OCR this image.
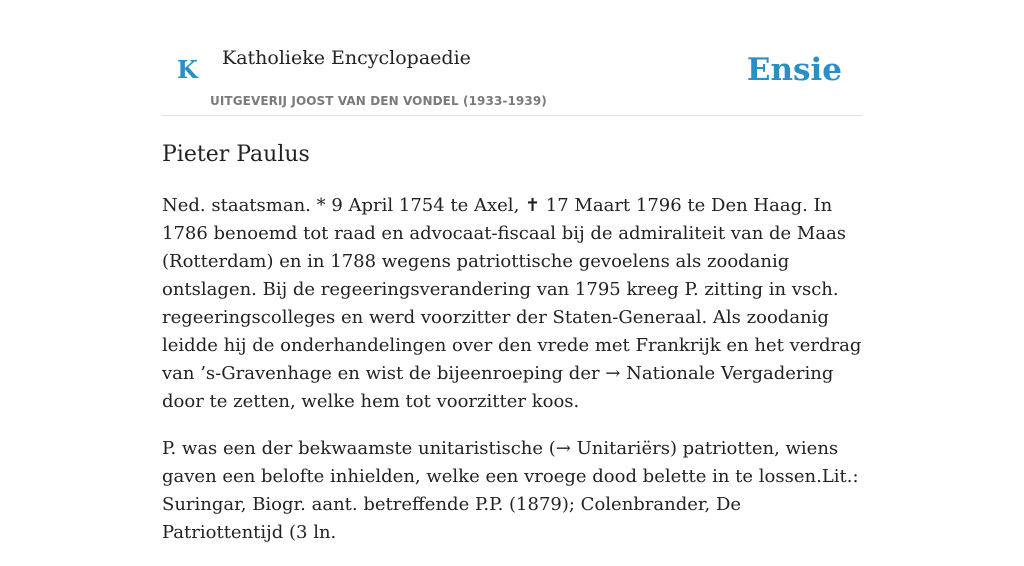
K Katholieke Encyclopaedie
UITGEVERIJ JOOST VAN DEN VONDEL (1933-1939)
Ensie
Pieter Paulus

Ned. staatsman. * 9 April 1754 te Axel, ✝ 17 Maart 1796 te Den Haag. In 1786 benoemd tot raad en advocaat-fiscaal bij de admiraliteit van de Maas (Rotterdam) en in 1788 wegens patriottische gevoelens als zoodanig ontslagen. Bij de regeeringsverandering van 1795 kreeg P. zitting in vsch. regeeringscolleges en werd voorzitter der Staten-Generaal. Als zoodanig leidde hij de onderhandelingen over den vrede met Frankrijk en het verdrag van ’s-Gravenhage en wist de bijeenroeping der → Nationale Vergadering door te zetten, welke hem tot voorzitter koos.

P. was een der bekwaamste unitaristische (→ Unitariërs) patriotten, wiens gaven een belofte inhielden, welke een vroege dood belette in te lossen.Lit.: Suringar, Biogr. aant. betreffende P.P. (1879); Colenbrander, De Patriottentijd (3 ln.
